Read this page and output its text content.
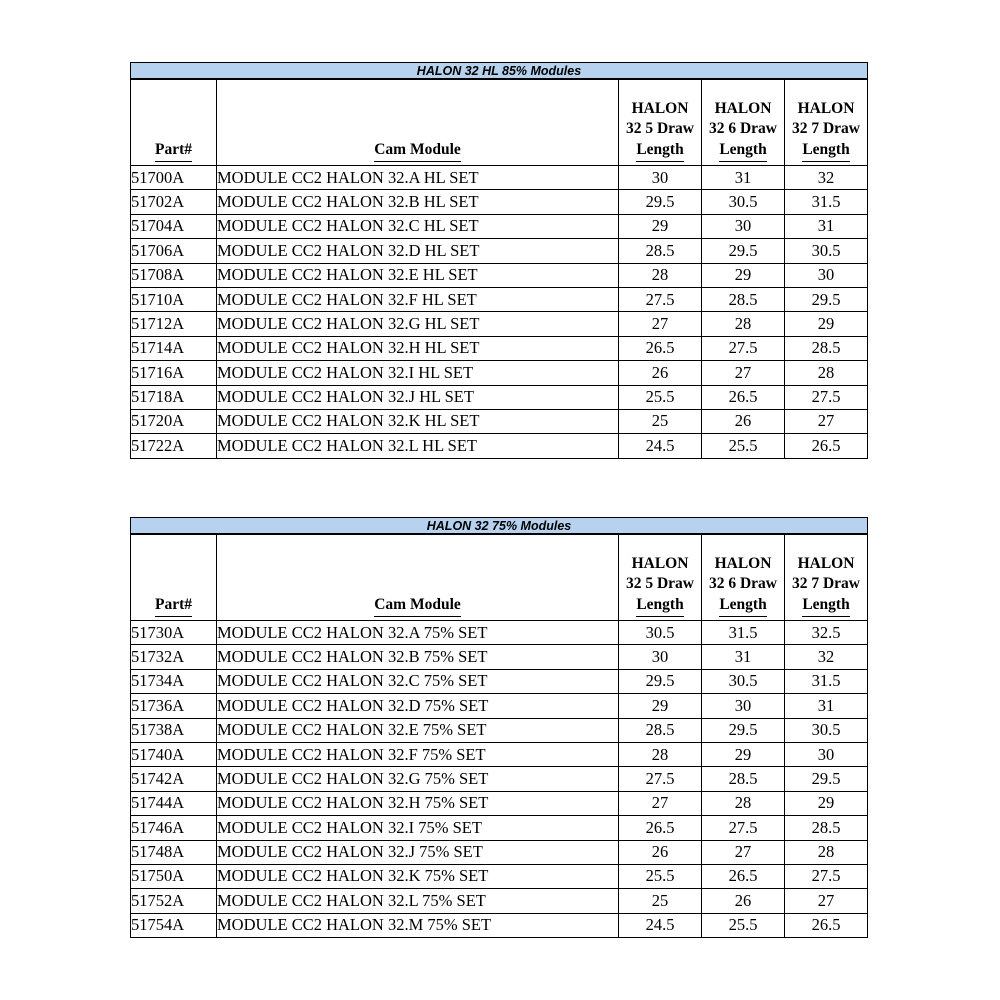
HALON 32 HL 85% Modules
Part#	Cam Module	HALON
32 5 Draw
Length	HALON
32 6 Draw
Length	HALON
32 7 Draw
Length

51700A	MODULE CC2 HALON 32.A HL SET	30	31	32
51702A	MODULE CC2 HALON 32.B HL SET	29.5	30.5	31.5
51704A	MODULE CC2 HALON 32.C HL SET	29	30	31
51706A	MODULE CC2 HALON 32.D HL SET	28.5	29.5	30.5
51708A	MODULE CC2 HALON 32.E HL SET	28	29	30
51710A	MODULE CC2 HALON 32.F HL SET	27.5	28.5	29.5
51712A	MODULE CC2 HALON 32.G HL SET	27	28	29
51714A	MODULE CC2 HALON 32.H HL SET	26.5	27.5	28.5
51716A	MODULE CC2 HALON 32.I HL SET	26	27	28
51718A	MODULE CC2 HALON 32.J HL SET	25.5	26.5	27.5
51720A	MODULE CC2 HALON 32.K HL SET	25	26	27
51722A	MODULE CC2 HALON 32.L HL SET	24.5	25.5	26.5
HALON 32 75% Modules
Part#	Cam Module	HALON
32 5 Draw
Length	HALON
32 6 Draw
Length	HALON
32 7 Draw
Length

51730A	MODULE CC2 HALON 32.A 75% SET	30.5	31.5	32.5
51732A	MODULE CC2 HALON 32.B 75% SET	30	31	32
51734A	MODULE CC2 HALON 32.C 75% SET	29.5	30.5	31.5
51736A	MODULE CC2 HALON 32.D 75% SET	29	30	31
51738A	MODULE CC2 HALON 32.E 75% SET	28.5	29.5	30.5
51740A	MODULE CC2 HALON 32.F 75% SET	28	29	30
51742A	MODULE CC2 HALON 32.G 75% SET	27.5	28.5	29.5
51744A	MODULE CC2 HALON 32.H 75% SET	27	28	29
51746A	MODULE CC2 HALON 32.I 75% SET	26.5	27.5	28.5
51748A	MODULE CC2 HALON 32.J 75% SET	26	27	28
51750A	MODULE CC2 HALON 32.K 75% SET	25.5	26.5	27.5
51752A	MODULE CC2 HALON 32.L 75% SET	25	26	27
51754A	MODULE CC2 HALON 32.M 75% SET	24.5	25.5	26.5
